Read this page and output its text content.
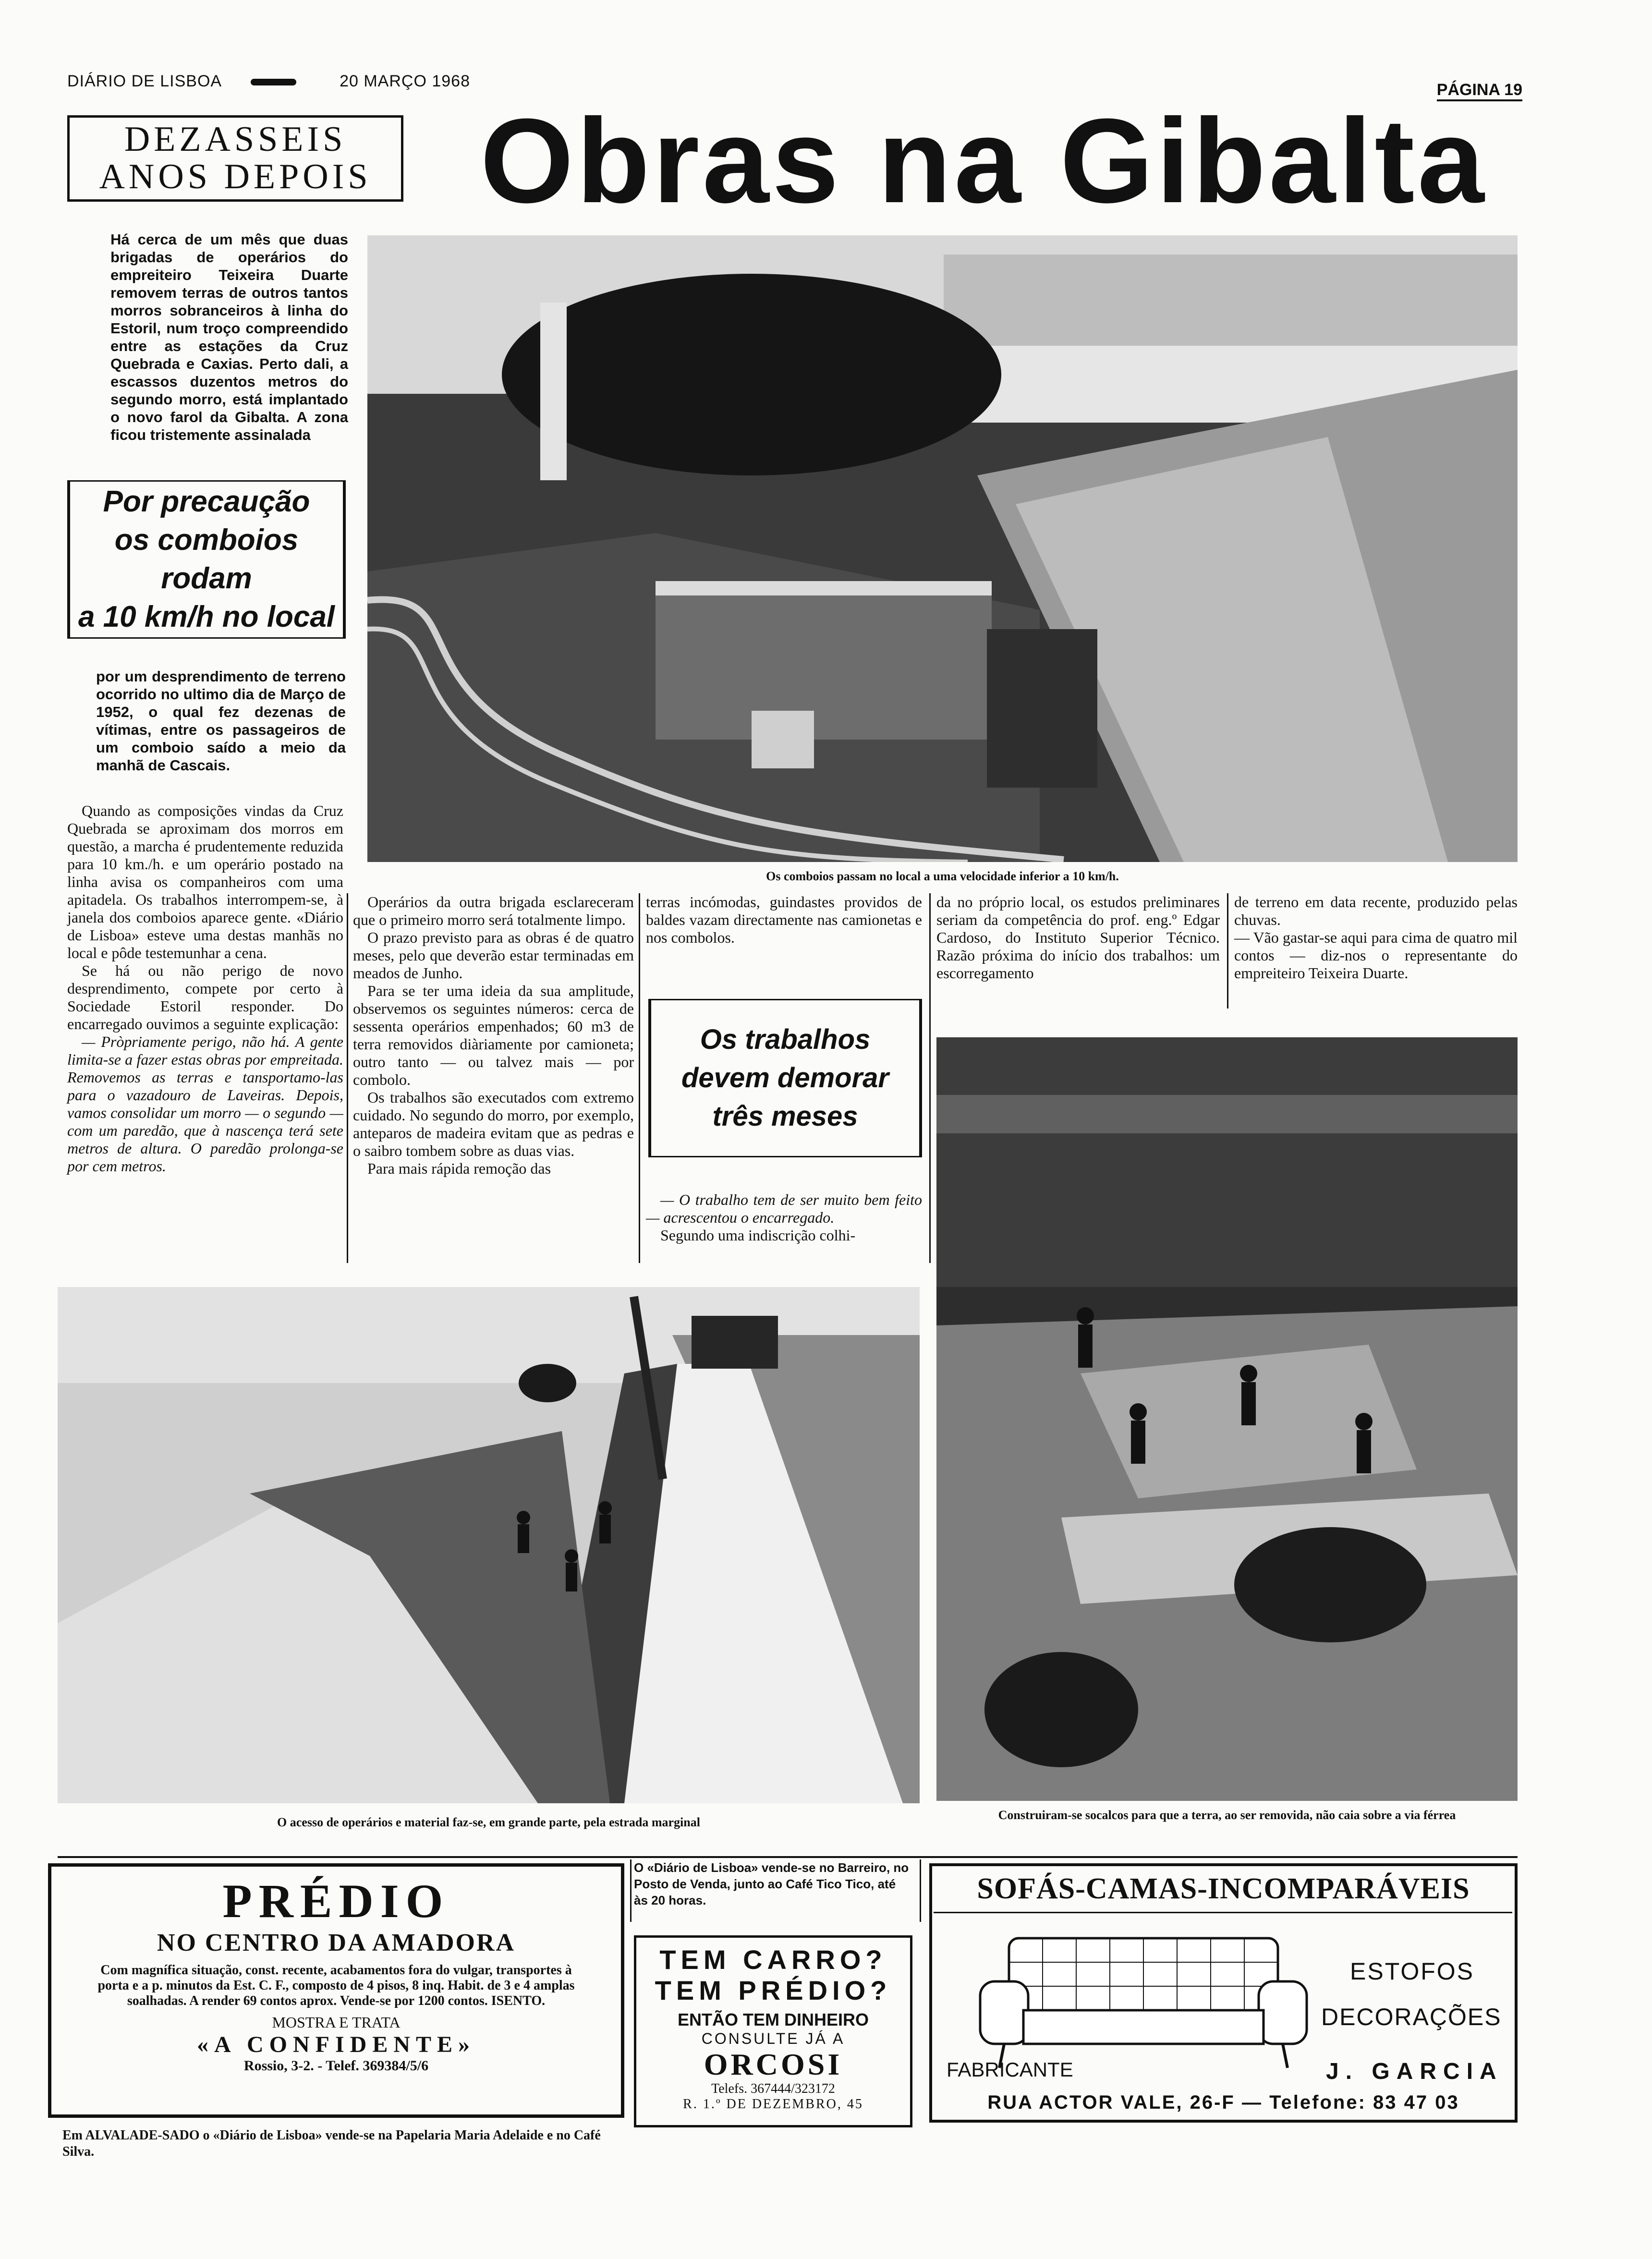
DIÁRIO DE LISBOA	20 MARÇO 1968	PÁGINA 19
DEZASSEIS
ANOS DEPOIS Obras na Gibalta
Há cerca de um mês que duas brigadas de operários do empreiteiro Teixeira Duarte removem terras de outros tantos morros sobranceiros à linha do Estoril, num troço compreendido entre as estações da Cruz Quebrada e Caxias. Perto dali, a escassos duzentos metros do segundo morro, está implantado o novo farol da Gibalta. A zona ficou tristemente assinalada
Por precaução
os comboios rodam
a 10 km/h no local
por um desprendimento de terreno ocorrido no ultimo dia de Março de 1952, o qual fez dezenas de vítimas, entre os passageiros de um comboio saído a meio da manhã de Cascais.

Quando as composições vindas da Cruz Quebrada se aproximam dos morros em questão, a marcha é prudentemente reduzida para 10 km./h. e um operário postado na linha avisa os companheiros com uma apitadela. Os trabalhos interrompem-se, à janela dos comboios aparece gente. «Diário de Lisboa» esteve uma destas manhãs no local e pôde testemunhar a cena.

Se há ou não perigo de novo desprendimento, compete por certo à Sociedade Estoril responder. Do encarregado ouvimos a seguinte explicação:

— Pròpriamente perigo, não há. A gente limita-se a fazer estas obras por empreitada. Removemos as terras e tansportamo-las para o vazadouro de Laveiras. Depois, vamos consolidar um morro — o segundo — com um paredão, que à nascença terá sete metros de altura. O paredão prolonga-se por cem metros.

Os comboios passam no local a uma velocidade inferior a 10 km/h.

Operários da outra brigada esclareceram que o primeiro morro será totalmente limpo.

O prazo previsto para as obras é de quatro meses, pelo que deverão estar terminadas em meados de Junho.

Para se ter uma ideia da sua amplitude, observemos os seguintes números: cerca de sessenta operários empenhados; 60 m3 de terra removidos diàriamente por camioneta; outro tanto — ou talvez mais — por combolo.

Os trabalhos são executados com extremo cuidado. No segundo do morro, por exemplo, anteparos de madeira evitam que as pedras e o saibro tombem sobre as duas vias.

Para mais rápida remoção das

terras incómodas, guindastes providos de baldes vazam directamente nas camionetas e nos combolos.

Os trabalhos
devem demorar
três meses

— O trabalho tem de ser muito bem feito — acrescentou o encarregado.

Segundo uma indiscrição colhi-

da no próprio local, os estudos preliminares seriam da competência do prof. eng.º Edgar Cardoso, do Instituto Superior Técnico. Razão próxima do início dos trabalhos: um escorregamento
de terreno em data recente, produzido pelas chuvas.
— Vão gastar-se aqui para cima de quatro mil contos — diz-nos o representante do empreiteiro Teixeira Duarte.
O acesso de operários e material faz-se, em grande parte, pela estrada marginal
Construiram-se socalcos para que a terra, ao ser removida, não caia sobre a via férrea
PRÉDIO
NO CENTRO DA AMADORA
Com magnífica situação, const. recente, acabamentos fora do vulgar, transportes à porta e a p. minutos da Est. C. F., composto de 4 pisos, 8 inq. Habit. de 3 e 4 amplas soalhadas. A render 69 contos aprox. Vende-se por 1200 contos. ISENTO.
MOSTRA E TRATA
«A CONFIDENTE»
Rossio, 3-2. - Telef. 369384/5/6
O «Diário de Lisboa» vende-se no Barreiro, no Posto de Venda, junto ao Café Tico Tico, até às 20 horas.
TEM CARRO?
TEM PRÉDIO?
ENTÃO TEM DINHEIRO
CONSULTE JÁ A
ORCOSI
Telefs. 367444/323172
R. 1.º DE DEZEMBRO, 45
SOFÁS-CAMAS-INCOMPARÁVEIS
ESTOFOS
DECORAÇÕES
FABRICANTE	J. GARCIA
RUA ACTOR VALE, 26-F — Telefone: 83 47 03
Em ALVALADE-SADO o «Diário de Lisboa» vende-se na Papelaria Maria Adelaide e no Café Silva.
